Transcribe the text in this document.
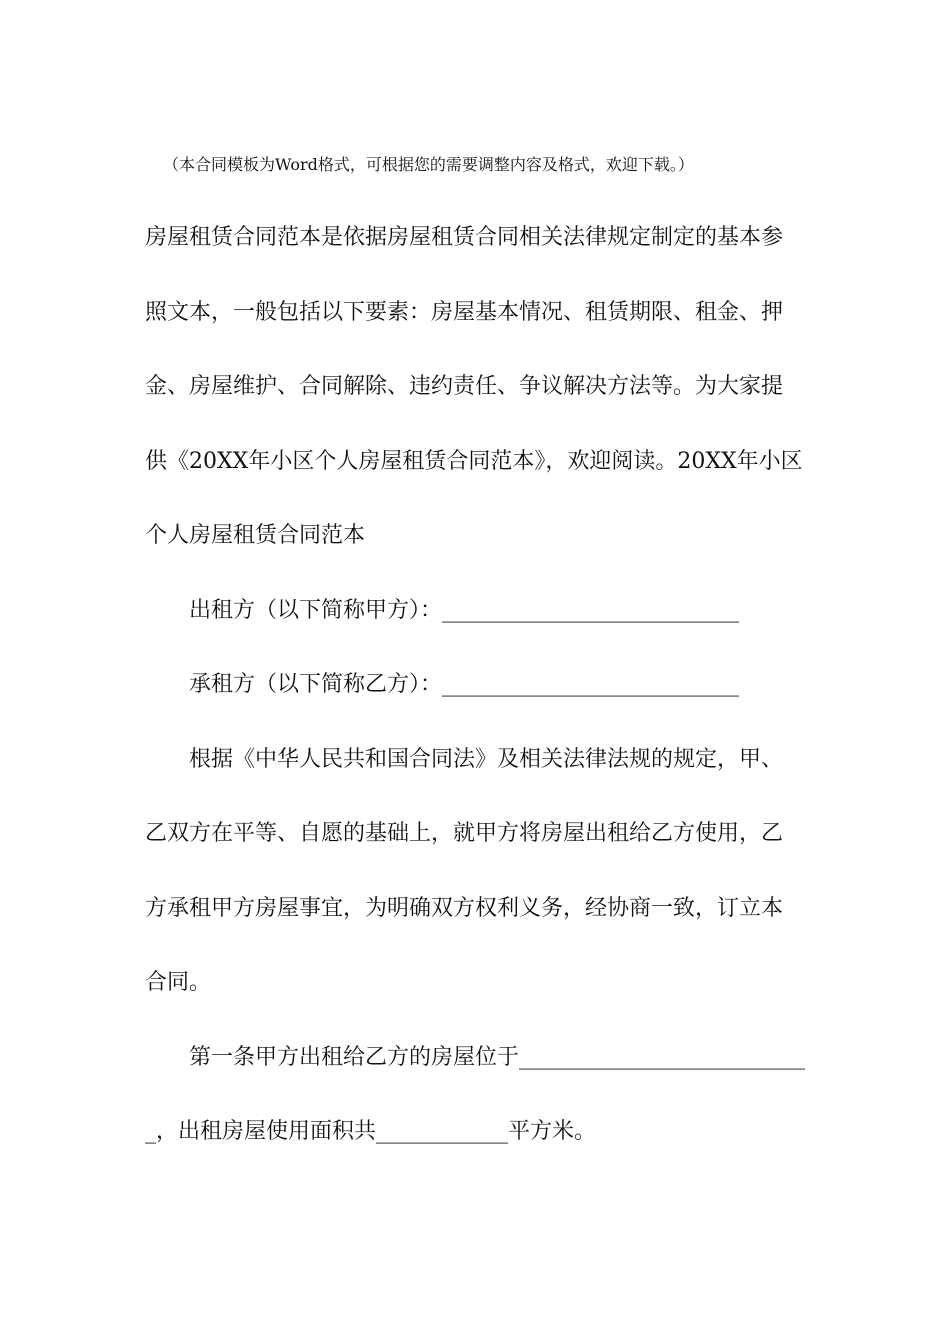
（本合同模板为Word格式，可根据您的需要调整内容及格式，欢迎下载。）
房屋租赁合同范本是依据房屋租赁合同相关法律规定制定的基本参
照文本，一般包括以下要素：房屋基本情况、租赁期限、租金、押
金、房屋维护、合同解除、违约责任、争议解决方法等。为大家提
供《20XX年小区个人房屋租赁合同范本》，欢迎阅读。20XX年小区
个人房屋租赁合同范本
出租方（以下简称甲方）：___________________________
承租方（以下简称乙方）：___________________________
根据《中华人民共和国合同法》及相关法律法规的规定，甲、
乙双方在平等、自愿的基础上，就甲方将房屋出租给乙方使用，乙
方承租甲方房屋事宜，为明确双方权利义务，经协商一致，订立本
合同。
第一条甲方出租给乙方的房屋位于__________________________
_，出租房屋使用面积共____________平方米。
